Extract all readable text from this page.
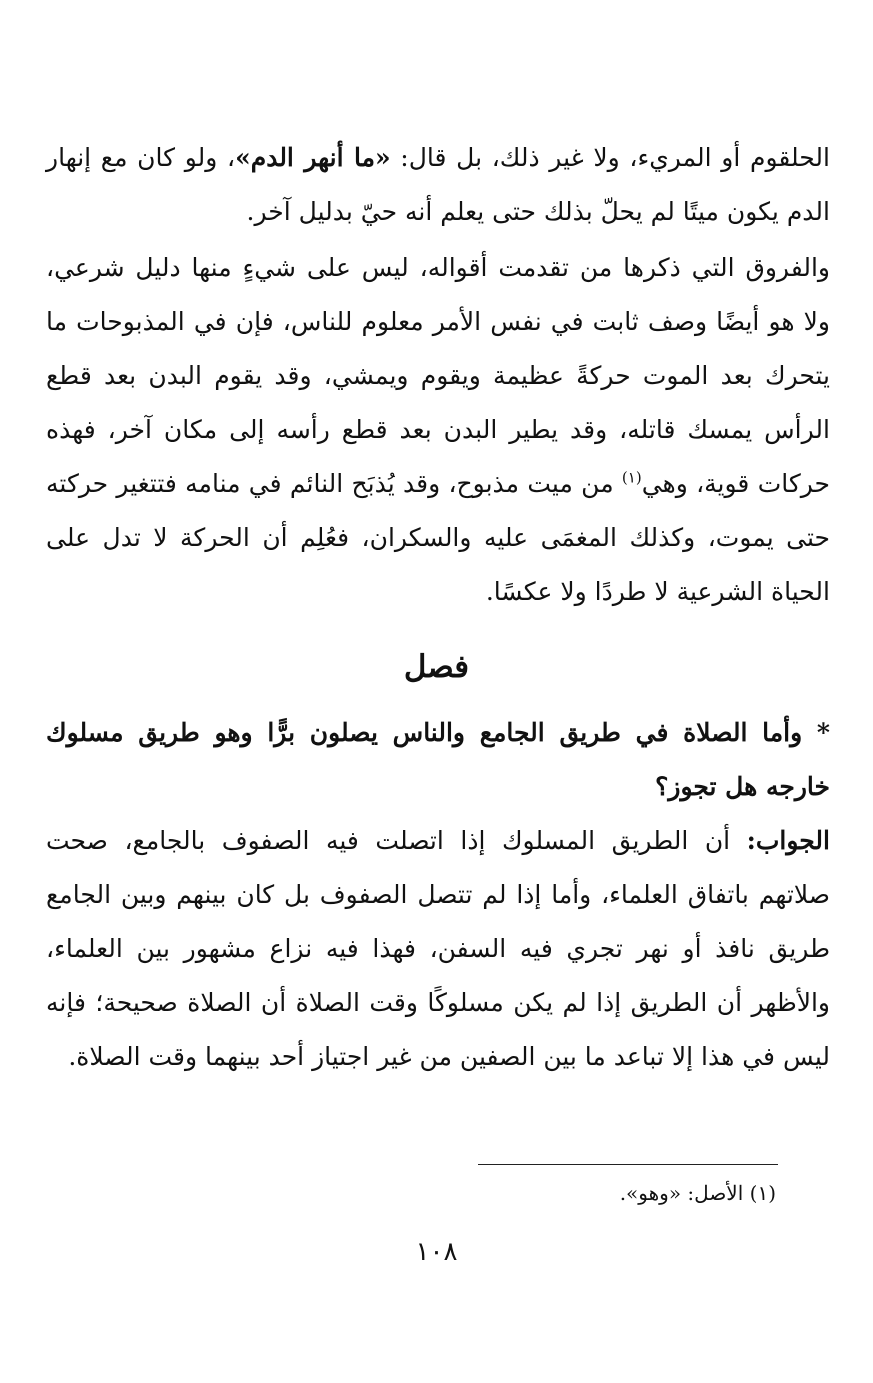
الحلقوم أو المريء، ولا غير ذلك، بل قال: «ما أنهر الدم»، ولو كان مع إنهار الدم يكون ميتًا لم يحلّ بذلك حتى يعلم أنه حيّ بدليل آخر.

والفروق التي ذكرها من تقدمت أقواله، ليس على شيءٍ منها دليل شرعي، ولا هو أيضًا وصف ثابت في نفس الأمر معلوم للناس، فإن في المذبوحات ما يتحرك بعد الموت حركةً عظيمة ويقوم ويمشي، وقد يقوم البدن بعد قطع الرأس يمسك قاتله، وقد يطير البدن بعد قطع رأسه إلى مكان آخر، فهذه حركات قوية، وهي$^{(١)}$ من ميت مذبوح، وقد يُذبَح النائم في منامه فتتغير حركته حتى يموت، وكذلك المغمَى عليه والسكران، فعُلِم أن الحركة لا تدل على الحياة الشرعية لا طردًا ولا عكسًا.

فصل

* وأما الصلاة في طريق الجامع والناس يصلون برًّا وهو طريق مسلوك خارجه هل تجوز؟

الجواب: أن الطريق المسلوك إذا اتصلت فيه الصفوف بالجامع، صحت صلاتهم باتفاق العلماء، وأما إذا لم تتصل الصفوف بل كان بينهم وبين الجامع طريق نافذ أو نهر تجري فيه السفن، فهذا فيه نزاع مشهور بين العلماء، والأظهر أن الطريق إذا لم يكن مسلوكًا وقت الصلاة أن الصلاة صحيحة؛ فإنه ليس في هذا إلا تباعد ما بين الصفين من غير اجتياز أحد بينهما وقت الصلاة.

(١) الأصل: «وهو».
١٠٨
